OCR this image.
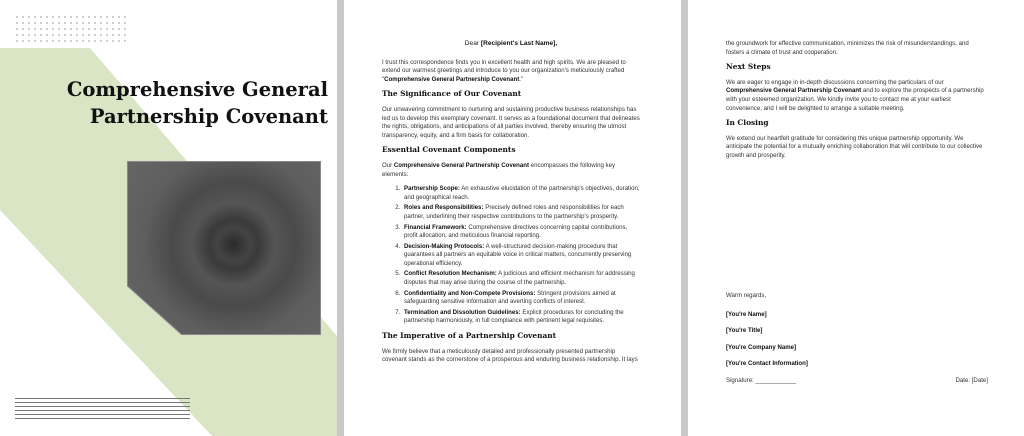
Comprehensive General
Partnership Covenant
Dear [Recipient's Last Name],

I trust this correspondence finds you in excellent health and high spirits. We are pleased to extend our warmest greetings and introduce to you our organization's meticulously crafted "Comprehensive General Partnership Covenant."

The Significance of Our Covenant

Our unwavering commitment to nurturing and sustaining productive business relationships has led us to develop this exemplary covenant. It serves as a foundational document that delineates the rights, obligations, and anticipations of all parties involved, thereby ensuring the utmost transparency, equity, and a firm basis for collaboration.

Essential Covenant Components

Our Comprehensive General Partnership Covenant encompasses the following key elements:

1. Partnership Scope: An exhaustive elucidation of the partnership's objectives, duration, and geographical reach.
2. Roles and Responsibilities: Precisely defined roles and responsibilities for each partner, underlining their respective contributions to the partnership's prosperity.
3. Financial Framework: Comprehensive directives concerning capital contributions, profit allocation, and meticulous financial reporting.
4. Decision-Making Protocols: A well-structured decision-making procedure that guarantees all partners an equitable voice in critical matters, concurrently preserving operational efficiency.
5. Conflict Resolution Mechanism: A judicious and efficient mechanism for addressing disputes that may arise during the course of the partnership.
6. Confidentiality and Non-Compete Provisions: Stringent provisions aimed at safeguarding sensitive information and averting conflicts of interest.
7. Termination and Dissolution Guidelines: Explicit procedures for concluding the partnership harmoniously, in full compliance with pertinent legal requisites.
The Imperative of a Partnership Covenant

We firmly believe that a meticulously detailed and professionally presented partnership covenant stands as the cornerstone of a prosperous and enduring business relationship. It lays

the groundwork for effective communication, minimizes the risk of misunderstandings, and fosters a climate of trust and cooperation.

Next Steps

We are eager to engage in in-depth discussions concerning the particulars of our Comprehensive General Partnership Covenant and to explore the prospects of a partnership with your esteemed organization. We kindly invite you to contact me at your earliest convenience, and I will be delighted to arrange a suitable meeting.

In Closing

We extend our heartfelt gratitude for considering this unique partnership opportunity. We anticipate the potential for a mutually enriching collaboration that will contribute to our collective growth and prosperity.

Warm regards,
[You're Name]
[You're Title]
[You're Company Name]
[You're Contact Information]
Signature: ____________	Date: [Date]
